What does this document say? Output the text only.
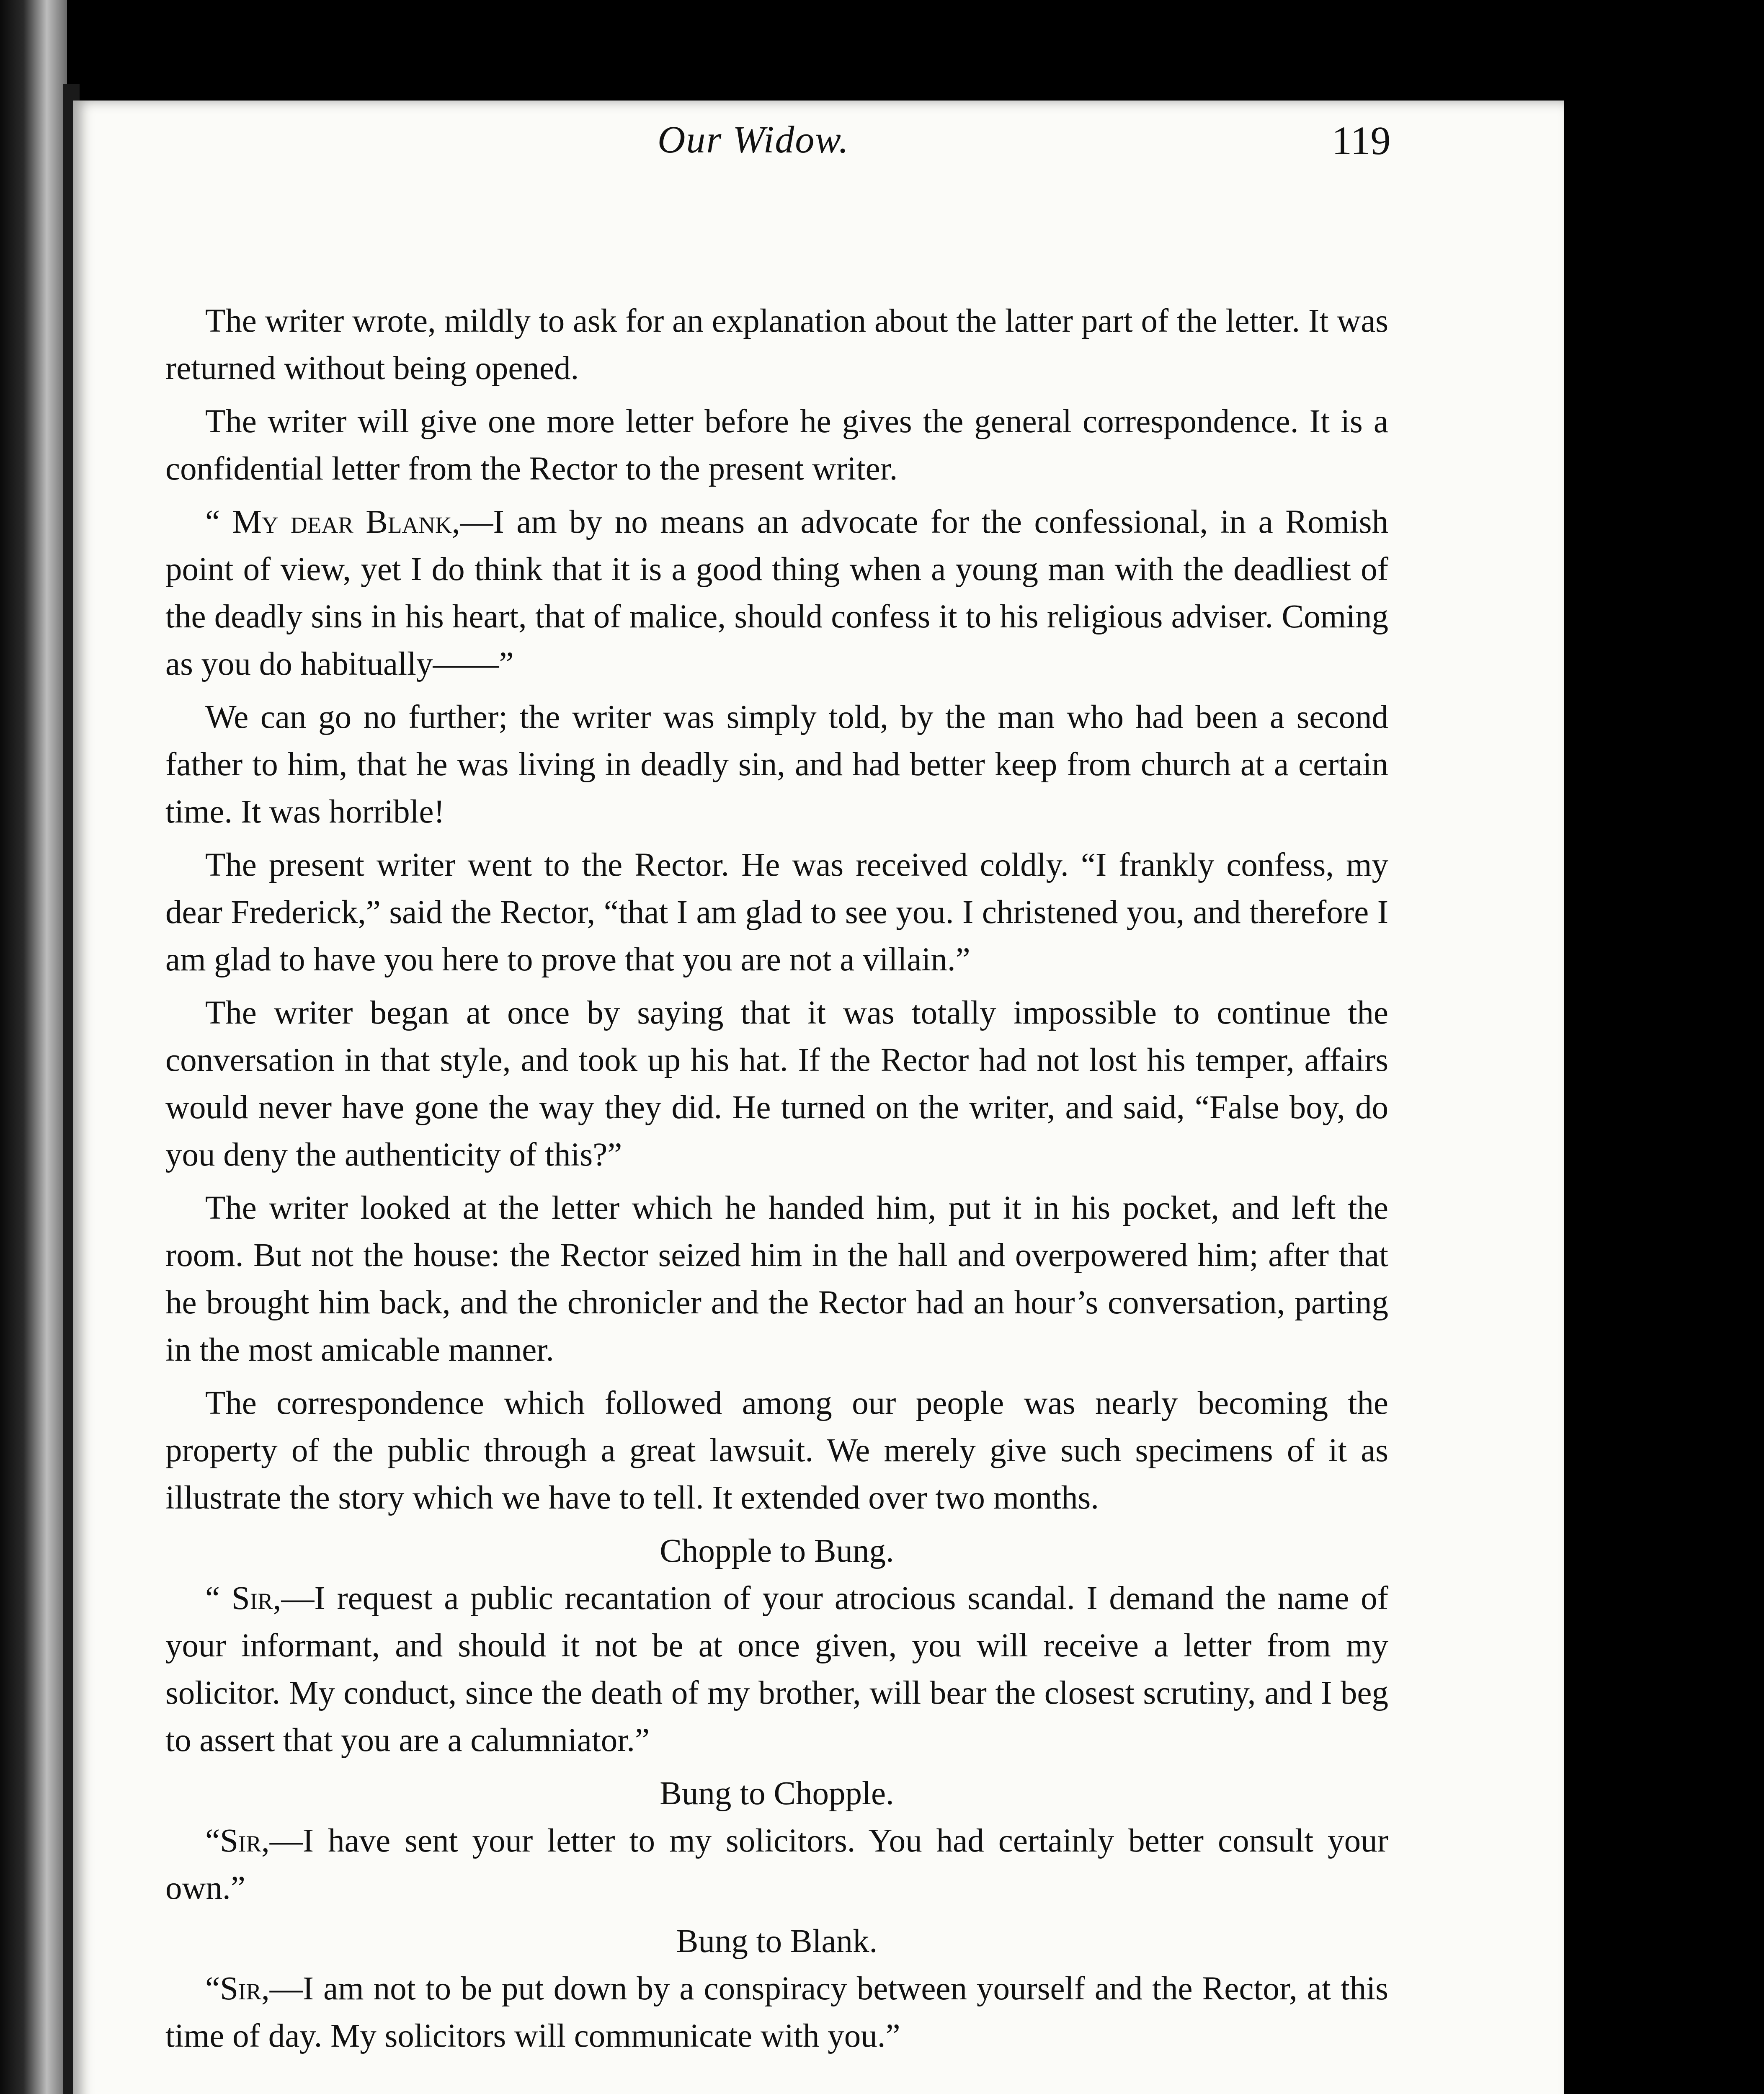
Our Widow.	119

The writer wrote, mildly to ask for an explanation about the latter part of the letter. It was returned without being opened.

The writer will give one more letter before he gives the general correspondence. It is a confidential letter from the Rector to the present writer.

“ My dear Blank,—I am by no means an advocate for the confessional, in a Romish point of view, yet I do think that it is a good thing when a young man with the deadliest of the deadly sins in his heart, that of malice, should confess it to his religious adviser. Coming as you do habitually——”

We can go no further; the writer was simply told, by the man who had been a second father to him, that he was living in deadly sin, and had better keep from church at a certain time. It was horrible!

The present writer went to the Rector. He was received coldly. “I frankly confess, my dear Frederick,” said the Rector, “that I am glad to see you. I christened you, and therefore I am glad to have you here to prove that you are not a villain.”

The writer began at once by saying that it was totally impossible to continue the conversation in that style, and took up his hat. If the Rector had not lost his temper, affairs would never have gone the way they did. He turned on the writer, and said, “False boy, do you deny the authenticity of this?”

The writer looked at the letter which he handed him, put it in his pocket, and left the room. But not the house: the Rector seized him in the hall and overpowered him; after that he brought him back, and the chronicler and the Rector had an hour’s conversation, parting in the most amicable manner.

The correspondence which followed among our people was nearly becoming the property of the public through a great lawsuit. We merely give such specimens of it as illustrate the story which we have to tell. It extended over two months.

Chopple to Bung.

“ Sir,—I request a public recantation of your atrocious scandal. I demand the name of your informant, and should it not be at once given, you will receive a letter from my solicitor. My conduct, since the death of my brother, will bear the closest scrutiny, and I beg to assert that you are a calumniator.”

Bung to Chopple.

“Sir,—I have sent your letter to my solicitors. You had certainly better consult your own.”

Bung to Blank.

“Sir,—I am not to be put down by a conspiracy between yourself and the Rector, at this time of day. My solicitors will communicate with you.”
